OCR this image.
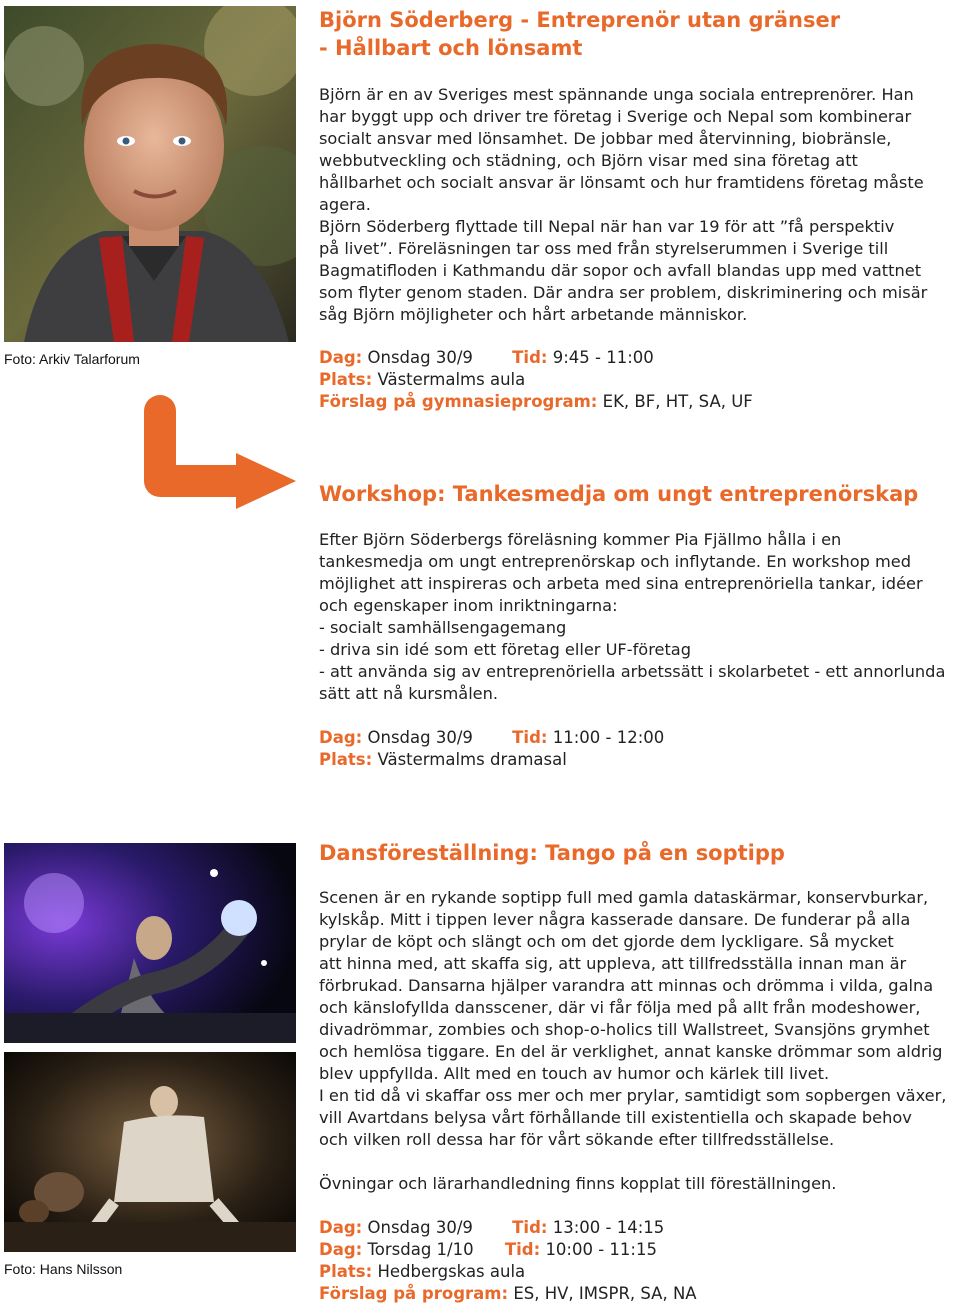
Foto: Arkiv Talarforum
Björn Söderberg - Entreprenör utan gränser
- Hållbart och lönsamt
Björn är en av Sveriges mest spännande unga sociala entreprenörer. Han
har byggt upp och driver tre företag i Sverige och Nepal som kombinerar
socialt ansvar med lönsamhet. De jobbar med återvinning, biobränsle,
webbutveckling och städning, och Björn visar med sina företag att
hållbarhet och socialt ansvar är lönsamt och hur framtidens företag måste
agera.
Björn Söderberg flyttade till Nepal när han var 19 för att ”få perspektiv
på livet”. Föreläsningen tar oss med från styrelserummen i Sverige till
Bagmatifloden i Kathmandu där sopor och avfall blandas upp med vattnet
som flyter genom staden. Där andra ser problem, diskriminering och misär
såg Björn möjligheter och hårt arbetande människor.
Dag: Onsdag 30/9 Tid: 9:45 - 11:00
Plats: Västermalms aula
Förslag på gymnasieprogram: EK, BF, HT, SA, UF
Workshop: Tankesmedja om ungt entreprenörskap
Efter Björn Söderbergs föreläsning kommer Pia Fjällmo hålla i en
tankesmedja om ungt entreprenörskap och inflytande. En workshop med
möjlighet att inspireras och arbeta med sina entreprenöriella tankar, idéer
och egenskaper inom inriktningarna:
- socialt samhällsengagemang
- driva sin idé som ett företag eller UF-företag
- att använda sig av entreprenöriella arbetssätt i skolarbetet - ett annorlunda
sätt att nå kursmålen.
Dag: Onsdag 30/9 Tid: 11:00 - 12:00
Plats: Västermalms dramasal
Foto: Hans Nilsson
Dansföreställning: Tango på en soptipp
Scenen är en rykande soptipp full med gamla dataskärmar, konservburkar,
kylskåp. Mitt i tippen lever några kasserade dansare. De funderar på alla
prylar de köpt och slängt och om det gjorde dem lyckligare. Så mycket
att hinna med, att skaffa sig, att uppleva, att tillfredsställa innan man är
förbrukad. Dansarna hjälper varandra att minnas och drömma i vilda, galna
och känslofyllda dansscener, där vi får följa med på allt från modeshower,
divadrömmar, zombies och shop-o-holics till Wallstreet, Svansjöns grymhet
och hemlösa tiggare. En del är verklighet, annat kanske drömmar som aldrig
blev uppfyllda. Allt med en touch av humor och kärlek till livet.
I en tid då vi skaffar oss mer och mer prylar, samtidigt som sopbergen växer,
vill Avartdans belysa vårt förhållande till existentiella och skapade behov
och vilken roll dessa har för vårt sökande efter tillfredsställelse.
Övningar och lärarhandledning finns kopplat till föreställningen.
Dag: Onsdag 30/9 Tid: 13:00 - 14:15
Dag: Torsdag 1/10 Tid: 10:00 - 11:15
Plats: Hedbergskas aula
Förslag på program: ES, HV, IMSPR, SA, NA
